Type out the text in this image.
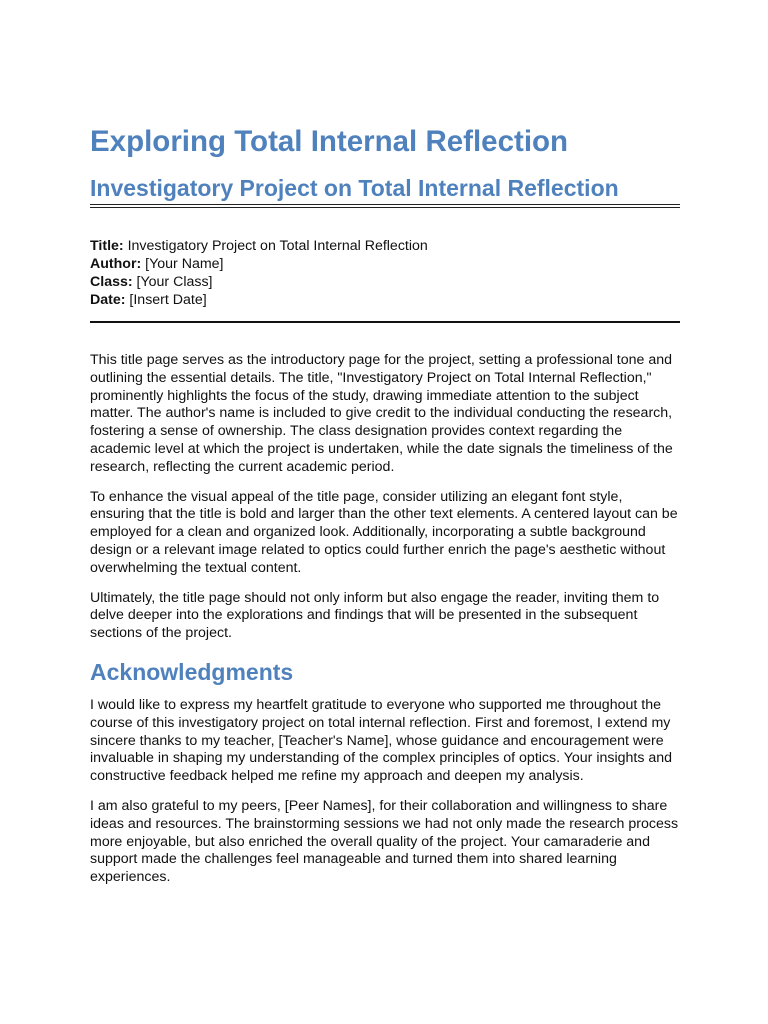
Exploring Total Internal Reflection
Investigatory Project on Total Internal Reflection
Title: Investigatory Project on Total Internal Reflection
Author: [Your Name]
Class: [Your Class]
Date: [Insert Date]

This title page serves as the introductory page for the project, setting a professional tone and outlining the essential details. The title, "Investigatory Project on Total Internal Reflection," prominently highlights the focus of the study, drawing immediate attention to the subject matter. The author's name is included to give credit to the individual conducting the research, fostering a sense of ownership. The class designation provides context regarding the academic level at which the project is undertaken, while the date signals the timeliness of the research, reflecting the current academic period.

To enhance the visual appeal of the title page, consider utilizing an elegant font style, ensuring that the title is bold and larger than the other text elements. A centered layout can be employed for a clean and organized look. Additionally, incorporating a subtle background design or a relevant image related to optics could further enrich the page's aesthetic without overwhelming the textual content.

Ultimately, the title page should not only inform but also engage the reader, inviting them to delve deeper into the explorations and findings that will be presented in the subsequent sections of the project.

Acknowledgments

I would like to express my heartfelt gratitude to everyone who supported me throughout the course of this investigatory project on total internal reflection. First and foremost, I extend my sincere thanks to my teacher, [Teacher's Name], whose guidance and encouragement were invaluable in shaping my understanding of the complex principles of optics. Your insights and constructive feedback helped me refine my approach and deepen my analysis.

I am also grateful to my peers, [Peer Names], for their collaboration and willingness to share ideas and resources. The brainstorming sessions we had not only made the research process more enjoyable, but also enriched the overall quality of the project. Your camaraderie and support made the challenges feel manageable and turned them into shared learning experiences.
